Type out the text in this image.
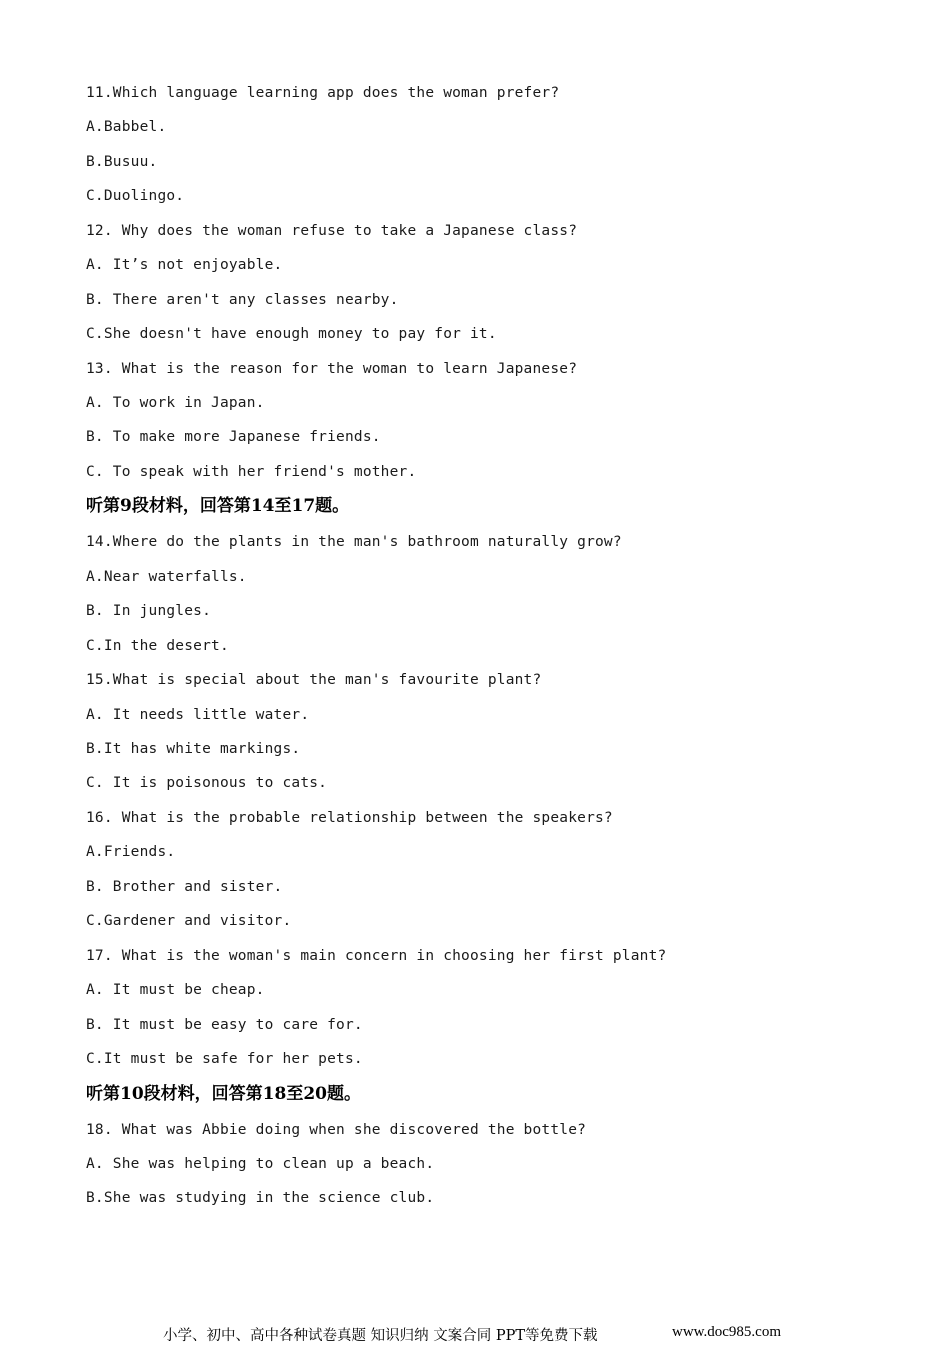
11.Which language learning app does the woman prefer?
A.Babbel.
B.Busuu.
C.Duolingo.
12. Why does the woman refuse to take a Japanese class?
A. It’s not enjoyable.
B. There aren't any classes nearby.
C.She doesn't have enough money to pay for it.
13. What is the reason for the woman to learn Japanese?
A. To work in Japan.
B. To make more Japanese friends.
C. To speak with her friend's mother.
听第9段材料，回答第14至17题。
14.Where do the plants in the man's bathroom naturally grow?
A.Near waterfalls.
B. In jungles.
C.In the desert.
15.What is special about the man's favourite plant?
A. It needs little water.
B.It has white markings.
C. It is poisonous to cats.
16. What is the probable relationship between the speakers?
A.Friends.
B. Brother and sister.
C.Gardener and visitor.
17. What is the woman's main concern in choosing her first plant?
A. It must be cheap.
B. It must be easy to care for.
C.It must be safe for her pets.
听第10段材料，回答第18至20题。
18. What was Abbie doing when she discovered the bottle?
A. She was helping to clean up a beach.
B.She was studying in the science club.
小学、初中、高中各种试卷真题 知识归纳 文案合同 PPT等免费下载	www.doc985.com
